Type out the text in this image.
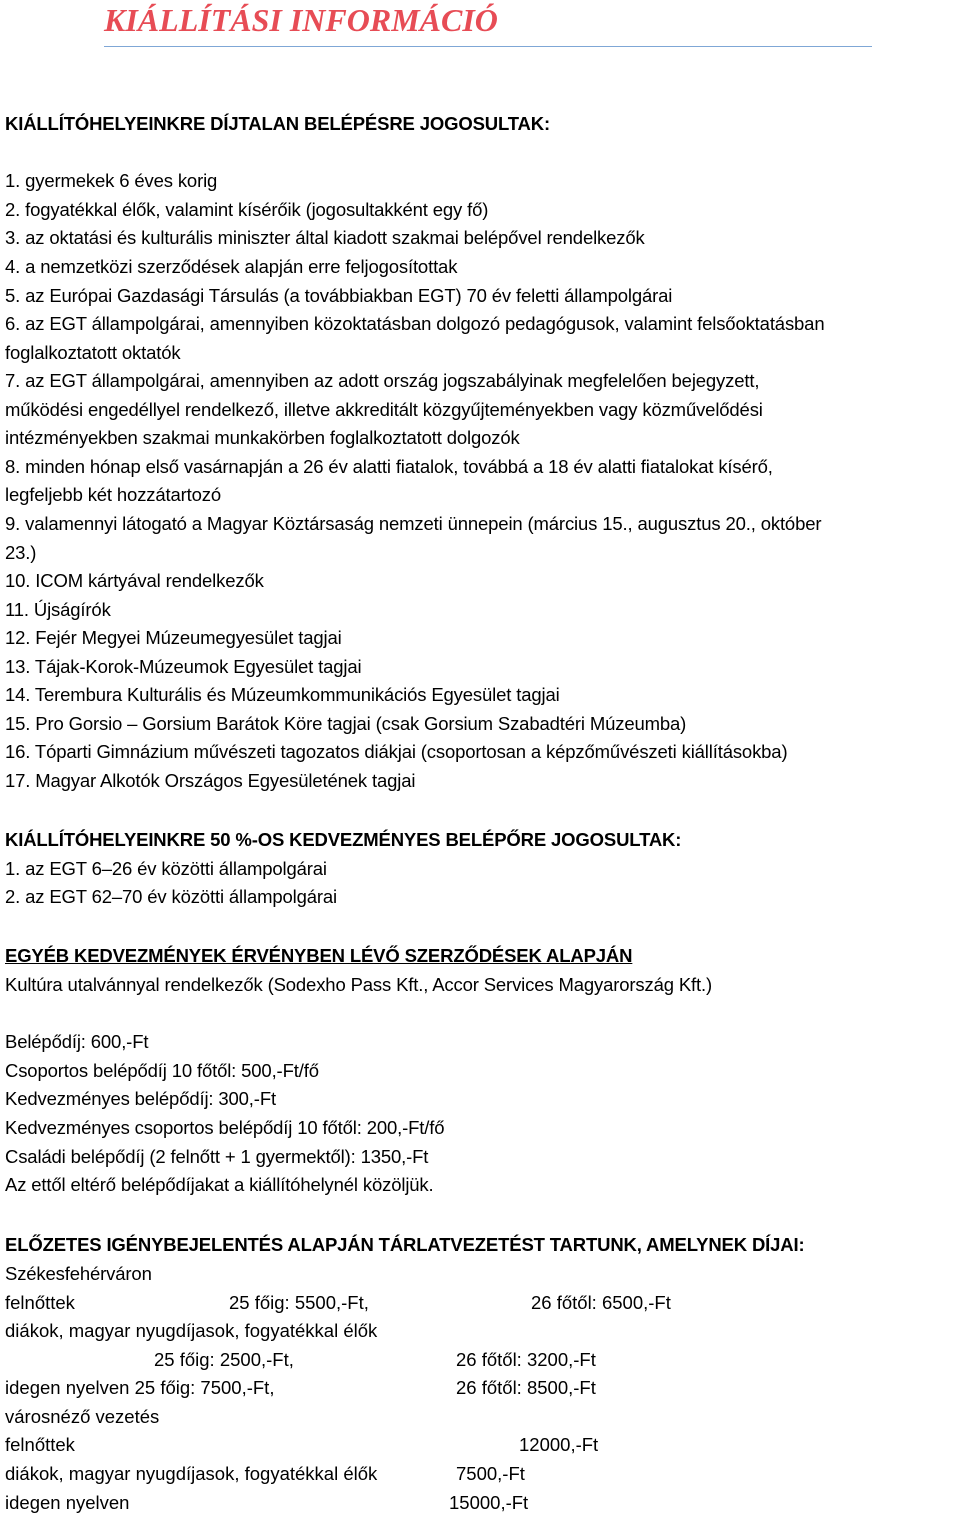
KIÁLLÍTÁSI INFORMÁCIÓ
KIÁLLÍTÓHELYEINKRE DÍJTALAN BELÉPÉSRE JOGOSULTAK:
1. gyermekek 6 éves korig
2. fogyatékkal élők, valamint kísérőik (jogosultakként egy fő)
3. az oktatási és kulturális miniszter által kiadott szakmai belépővel rendelkezők
4. a nemzetközi szerződések alapján erre feljogosítottak
5. az Európai Gazdasági Társulás (a továbbiakban EGT) 70 év feletti állampolgárai
6. az EGT állampolgárai, amennyiben közoktatásban dolgozó pedagógusok, valamint felsőoktatásban
foglalkoztatott oktatók
7. az EGT állampolgárai, amennyiben az adott ország jogszabályinak megfelelően bejegyzett,
működési engedéllyel rendelkező, illetve akkreditált közgyűjteményekben vagy közművelődési
intézményekben szakmai munkakörben foglalkoztatott dolgozók
8. minden hónap első vasárnapján a 26 év alatti fiatalok, továbbá a 18 év alatti fiatalokat kísérő,
legfeljebb két hozzátartozó
9. valamennyi látogató a Magyar Köztársaság nemzeti ünnepein (március 15., augusztus 20., október
23.)
10. ICOM kártyával rendelkezők
11. Újságírók
12. Fejér Megyei Múzeumegyesület tagjai
13. Tájak-Korok-Múzeumok Egyesület tagjai
14. Terembura Kulturális és Múzeumkommunikációs Egyesület tagjai
15. Pro Gorsio – Gorsium Barátok Köre tagjai (csak Gorsium Szabadtéri Múzeumba)
16. Tóparti Gimnázium művészeti tagozatos diákjai (csoportosan a képzőművészeti kiállításokba)
17. Magyar Alkotók Országos Egyesületének tagjai
KIÁLLÍTÓHELYEINKRE 50 %-OS KEDVEZMÉNYES BELÉPŐRE JOGOSULTAK:
1. az EGT 6–26 év közötti állampolgárai
2. az EGT 62–70 év közötti állampolgárai
EGYÉB KEDVEZMÉNYEK ÉRVÉNYBEN LÉVŐ SZERZŐDÉSEK ALAPJÁN
Kultúra utalvánnyal rendelkezők (Sodexho Pass Kft., Accor Services Magyarország Kft.)
Belépődíj: 600,-Ft
Csoportos belépődíj 10 főtől: 500,-Ft/fő
Kedvezményes belépődíj: 300,-Ft
Kedvezményes csoportos belépődíj 10 főtől: 200,-Ft/fő
Családi belépődíj (2 felnőtt + 1 gyermektől): 1350,-Ft
Az ettől eltérő belépődíjakat a kiállítóhelynél közöljük.
ELŐZETES IGÉNYBEJELENTÉS ALAPJÁN TÁRLATVEZETÉST TARTUNK, AMELYNEK DÍJAI:
Székesfehérváron
felnőttek	25 főig: 5500,-Ft,	26 főtől: 6500,-Ft
diákok, magyar nyugdíjasok, fogyatékkal élők
25 főig: 2500,-Ft,	26 főtől: 3200,-Ft
idegen nyelven 25 főig: 7500,-Ft,	26 főtől: 8500,-Ft
városnéző vezetés
felnőttek	12000,-Ft
diákok, magyar nyugdíjasok, fogyatékkal élők	7500,-Ft
idegen nyelven	15000,-Ft
